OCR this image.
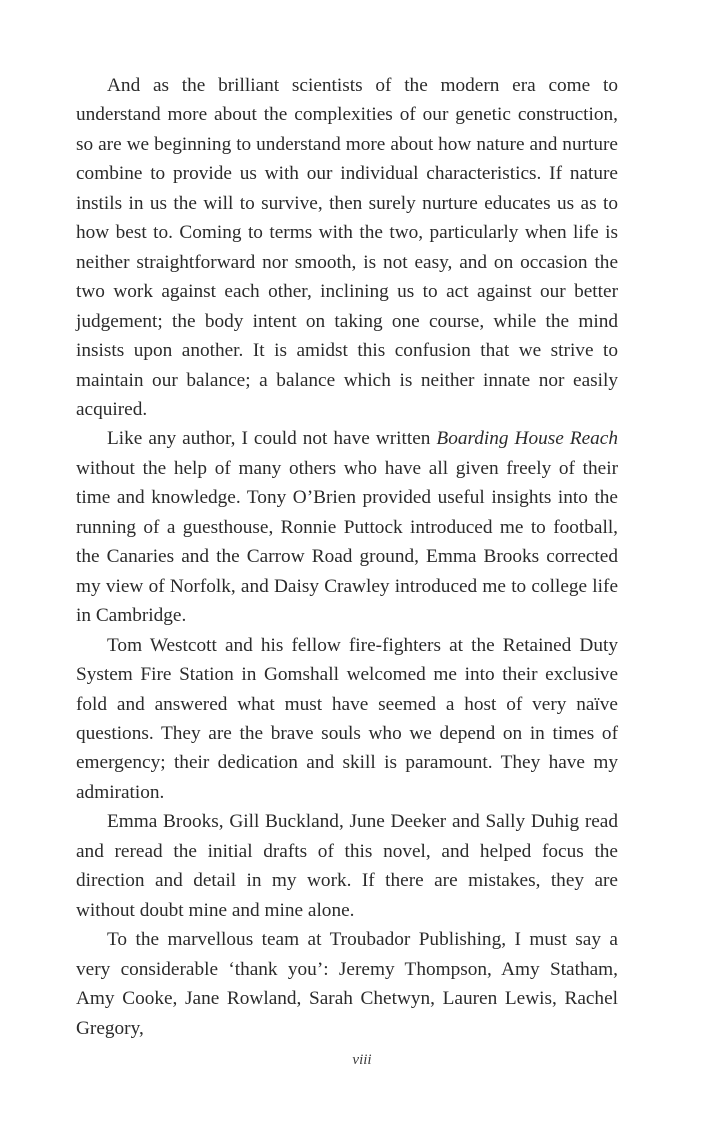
And as the brilliant scientists of the modern era come to understand more about the complexities of our genetic construction, so are we beginning to understand more about how nature and nurture combine to provide us with our individual characteristics. If nature instils in us the will to survive, then surely nurture educates us as to how best to. Coming to terms with the two, particularly when life is neither straightforward nor smooth, is not easy, and on occasion the two work against each other, inclining us to act against our better judgement; the body intent on taking one course, while the mind insists upon another. It is amidst this confusion that we strive to maintain our balance; a balance which is neither innate nor easily acquired.

Like any author, I could not have written Boarding House Reach without the help of many others who have all given freely of their time and knowledge. Tony O’Brien provided useful insights into the running of a guesthouse, Ronnie Puttock introduced me to football, the Canaries and the Carrow Road ground, Emma Brooks corrected my view of Norfolk, and Daisy Crawley introduced me to college life in Cambridge.

Tom Westcott and his fellow fire-fighters at the Retained Duty System Fire Station in Gomshall welcomed me into their exclusive fold and answered what must have seemed a host of very naïve questions. They are the brave souls who we depend on in times of emergency; their dedication and skill is paramount. They have my admiration.

Emma Brooks, Gill Buckland, June Deeker and Sally Duhig read and reread the initial drafts of this novel, and helped focus the direction and detail in my work. If there are mistakes, they are without doubt mine and mine alone.

To the marvellous team at Troubador Publishing, I must say a very considerable ‘thank you’: Jeremy Thompson, Amy Statham, Amy Cooke, Jane Rowland, Sarah Chetwyn, Lauren Lewis, Rachel Gregory,

viii
